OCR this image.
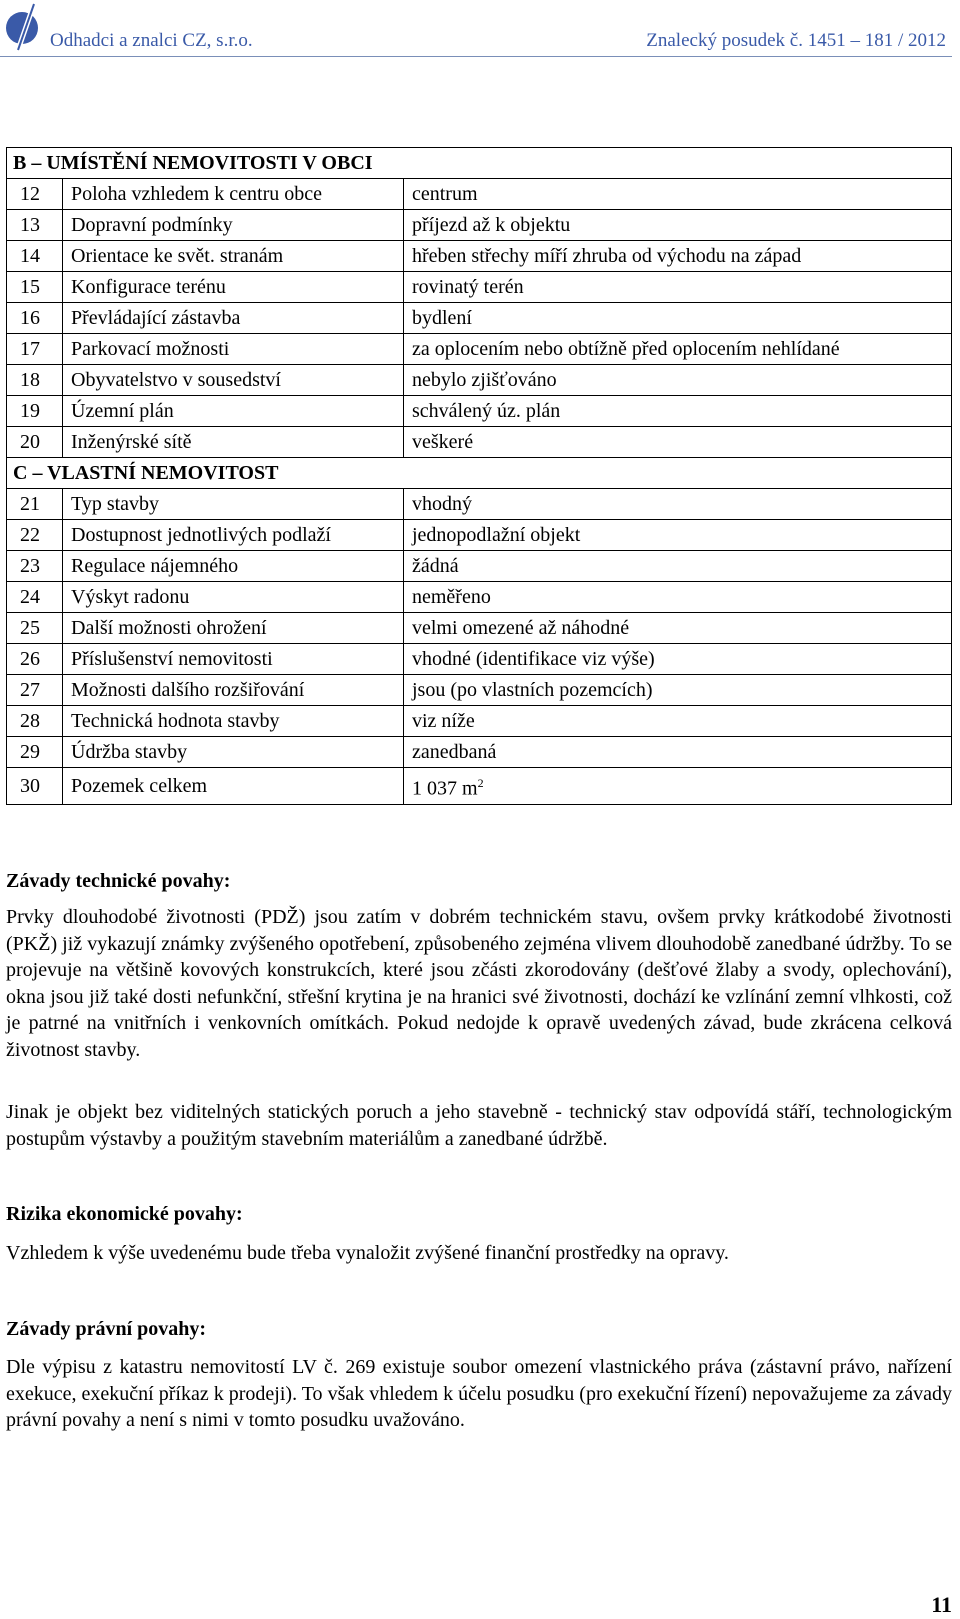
Odhadci a znalci CZ, s.r.o.	Znalecký posudek č. 1451 – 181 / 2012
B – UMÍSTĚNÍ NEMOVITOSTI V OBCI		
12	Poloha vzhledem k centru obce	centrum
13	Dopravní podmínky	příjezd až k objektu
14	Orientace ke svět. stranám	hřeben střechy míří zhruba od východu na západ
15	Konfigurace terénu	rovinatý terén
16	Převládající zástavba	bydlení
17	Parkovací možnosti	za oplocením nebo obtížně před oplocením nehlídané
18	Obyvatelstvo v sousedství	nebylo zjišťováno
19	Územní plán	schválený úz. plán
20	Inženýrské sítě	veškeré
C – VLASTNÍ NEMOVITOST		
21	Typ stavby	vhodný
22	Dostupnost jednotlivých podlaží	jednopodlažní objekt
23	Regulace nájemného	žádná
24	Výskyt radonu	neměřeno
25	Další možnosti ohrožení	velmi omezené až náhodné
26	Příslušenství nemovitosti	vhodné (identifikace viz výše)
27	Možnosti dalšího rozšiřování	jsou (po vlastních pozemcích)
28	Technická hodnota stavby	viz níže
29	Údržba stavby	zanedbaná
30	Pozemek celkem	1 037 $m^2$
Závady technické povahy:
Prvky dlouhodobé životnosti (PDŽ) jsou zatím v dobrém technickém stavu, ovšem prvky krátkodobé životnosti (PKŽ) již vykazují známky zvýšeného opotřebení, způsobeného zejména vlivem dlouhodobě zanedbané údržby. To se projevuje na většině kovových konstrukcích, které jsou zčásti zkorodovány (dešťové žlaby a svody, oplechování), okna jsou již také dosti nefunkční, střešní krytina je na hranici své životnosti, dochází ke vzlínání zemní vlhkosti, což je patrné na vnitřních i venkovních omítkách. Pokud nedojde k opravě uvedených závad, bude zkrácena celková životnost stavby.
Jinak je objekt bez viditelných statických poruch a jeho stavebně - technický stav odpovídá stáří, technologickým postupům výstavby a použitým stavebním materiálům a zanedbané údržbě.
Rizika ekonomické povahy:
Vzhledem k výše uvedenému bude třeba vynaložit zvýšené finanční prostředky na opravy.
Závady právní povahy:
Dle výpisu z katastru nemovitostí LV č. 269 existuje soubor omezení vlastnického práva (zástavní právo, nařízení exekuce, exekuční příkaz k prodeji). To však vhledem k účelu posudku (pro exekuční řízení) nepovažujeme za závady právní povahy a není s nimi v tomto posudku uvažováno.
11
